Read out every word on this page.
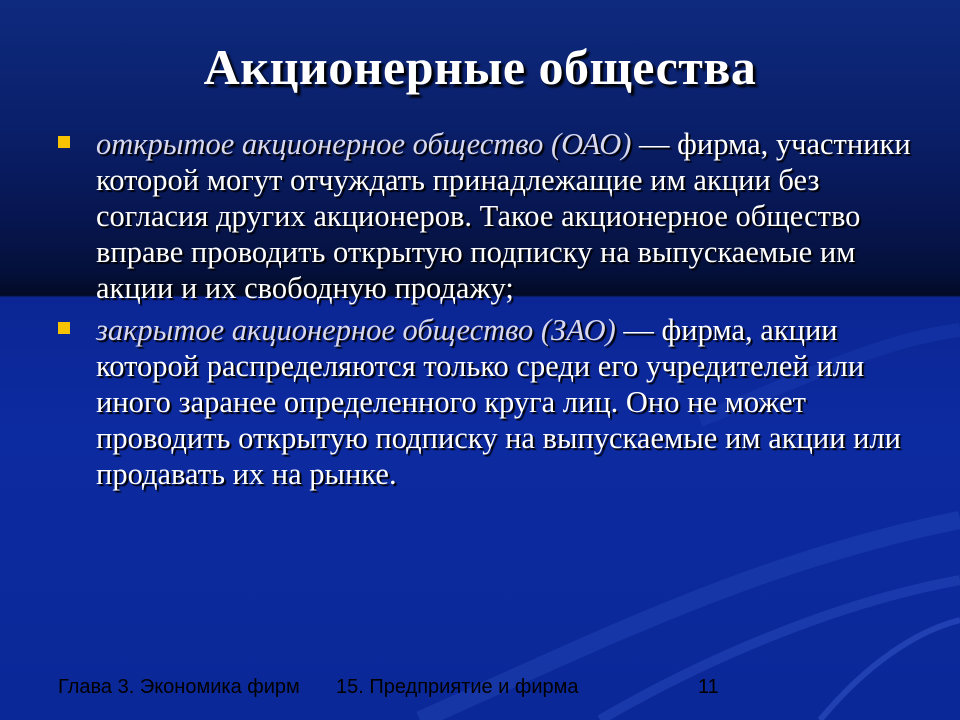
Акционерные общества
открытое акционерное общество (ОАО) — фирма, участники которой могут отчуждать принадлежащие им акции без согласия других акционеров. Такое акционерное общество вправе проводить открытую подписку на выпускаемые им акции и их свободную продажу;
закрытое акционерное общество (ЗАО) — фирма, акции которой распределяются только среди его учредителей или иного заранее определенного круга лиц. Оно не может проводить открытую подписку на выпускаемые им акции или продавать их на рынке.
Глава 3. Экономика фирм 15. Предприятие и фирма	11
